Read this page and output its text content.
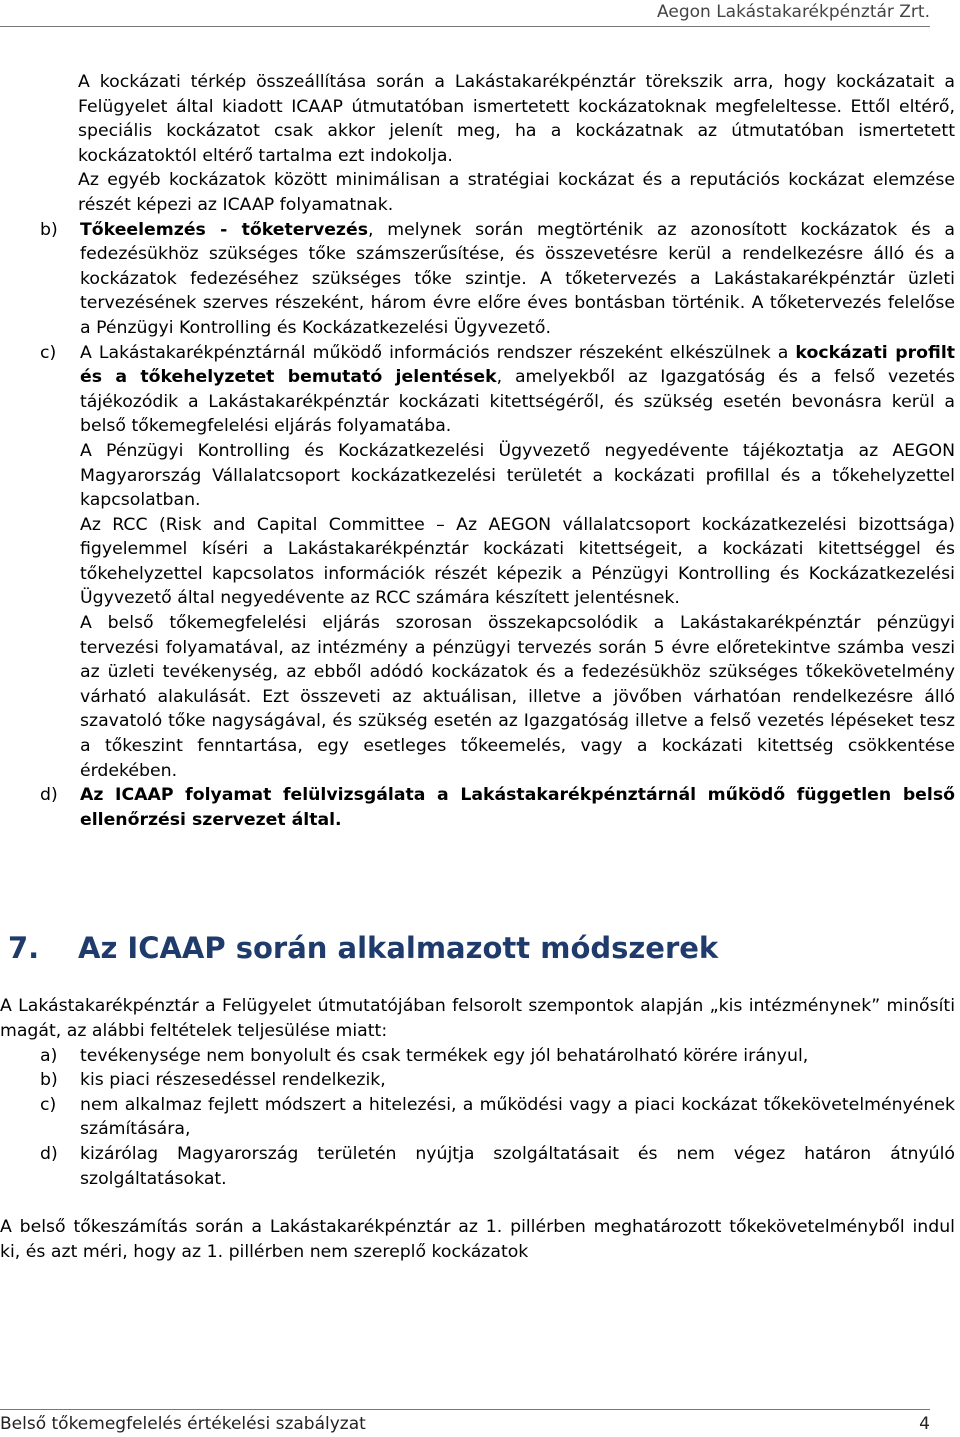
Aegon Lakástakarékpénztár Zrt.

A kockázati térkép összeállítása során a Lakástakarékpénztár törekszik arra, hogy kockázatait a Felügyelet által kiadott ICAAP útmutatóban ismertetett kockázatoknak megfeleltesse. Ettől eltérő, speciális kockázatot csak akkor jelenít meg, ha a kockázatnak az útmutatóban ismertetett kockázatoktól eltérő tartalma ezt indokolja.

Az egyéb kockázatok között minimálisan a stratégiai kockázat és a reputációs kockázat elemzése részét képezi az ICAAP folyamatnak.

b)	Tőkeelemzés - tőketervezés, melynek során megtörténik az azonosított kockázatok és a fedezésükhöz szükséges tőke számszerűsítése, és összevetésre kerül a rendelkezésre álló és a kockázatok fedezéséhez szükséges tőke szintje. A tőketervezés a Lakástakarékpénztár üzleti tervezésének szerves részeként, három évre előre éves bontásban történik. A tőketervezés felelőse a Pénzügyi Kontrolling és Kockázatkezelési Ügyvezető.

c)	A Lakástakarékpénztárnál működő információs rendszer részeként elkészülnek a kockázati profilt és a tőkehelyzetet bemutató jelentések, amelyekből az Igazgatóság és a felső vezetés tájékozódik a Lakástakarékpénztár kockázati kitettségéről, és szükség esetén bevonásra kerül a belső tőkemegfelelési eljárás folyamatába.

A Pénzügyi Kontrolling és Kockázatkezelési Ügyvezető negyedévente tájékoztatja az AEGON Magyarország Vállalatcsoport kockázatkezelési területét a kockázati profillal és a tőkehelyzettel kapcsolatban.

Az RCC (Risk and Capital Committee – Az AEGON vállalatcsoport kockázatkezelési bizottsága) figyelemmel kíséri a Lakástakarékpénztár kockázati kitettségeit, a kockázati kitettséggel és tőkehelyzettel kapcsolatos információk részét képezik a Pénzügyi Kontrolling és Kockázatkezelési Ügyvezető által negyedévente az RCC számára készített jelentésnek.

A belső tőkemegfelelési eljárás szorosan összekapcsolódik a Lakástakarékpénztár pénzügyi tervezési folyamatával, az intézmény a pénzügyi tervezés során 5 évre előretekintve számba veszi az üzleti tevékenység, az ebből adódó kockázatok és a fedezésükhöz szükséges tőkekövetelmény várható alakulását. Ezt összeveti az aktuálisan, illetve a jövőben várhatóan rendelkezésre álló szavatoló tőke nagyságával, és szükség esetén az Igazgatóság illetve a felső vezetés lépéseket tesz a tőkeszint fenntartása, egy esetleges tőkeemelés, vagy a kockázati kitettség csökkentése érdekében.

d)	Az ICAAP folyamat felülvizsgálata a Lakástakarékpénztárnál működő független belső ellenőrzési szervezet által.

7. Az ICAAP során alkalmazott módszerek

A Lakástakarékpénztár a Felügyelet útmutatójában felsorolt szempontok alapján „kis intézménynek” minősíti magát, az alábbi feltételek teljesülése miatt:

a)	tevékenysége nem bonyolult és csak termékek egy jól behatárolható körére irányul,

b)	kis piaci részesedéssel rendelkezik,

c)	nem alkalmaz fejlett módszert a hitelezési, a működési vagy a piaci kockázat tőkekövetelményének számítására,

d)	kizárólag Magyarország területén nyújtja szolgáltatásait és nem végez határon átnyúló szolgáltatásokat.

A belső tőkeszámítás során a Lakástakarékpénztár az 1. pillérben meghatározott tőkekövetelményből indul ki, és azt méri, hogy az 1. pillérben nem szereplő kockázatok

Belső tőkemegfelelés értékelési szabályzat	4
